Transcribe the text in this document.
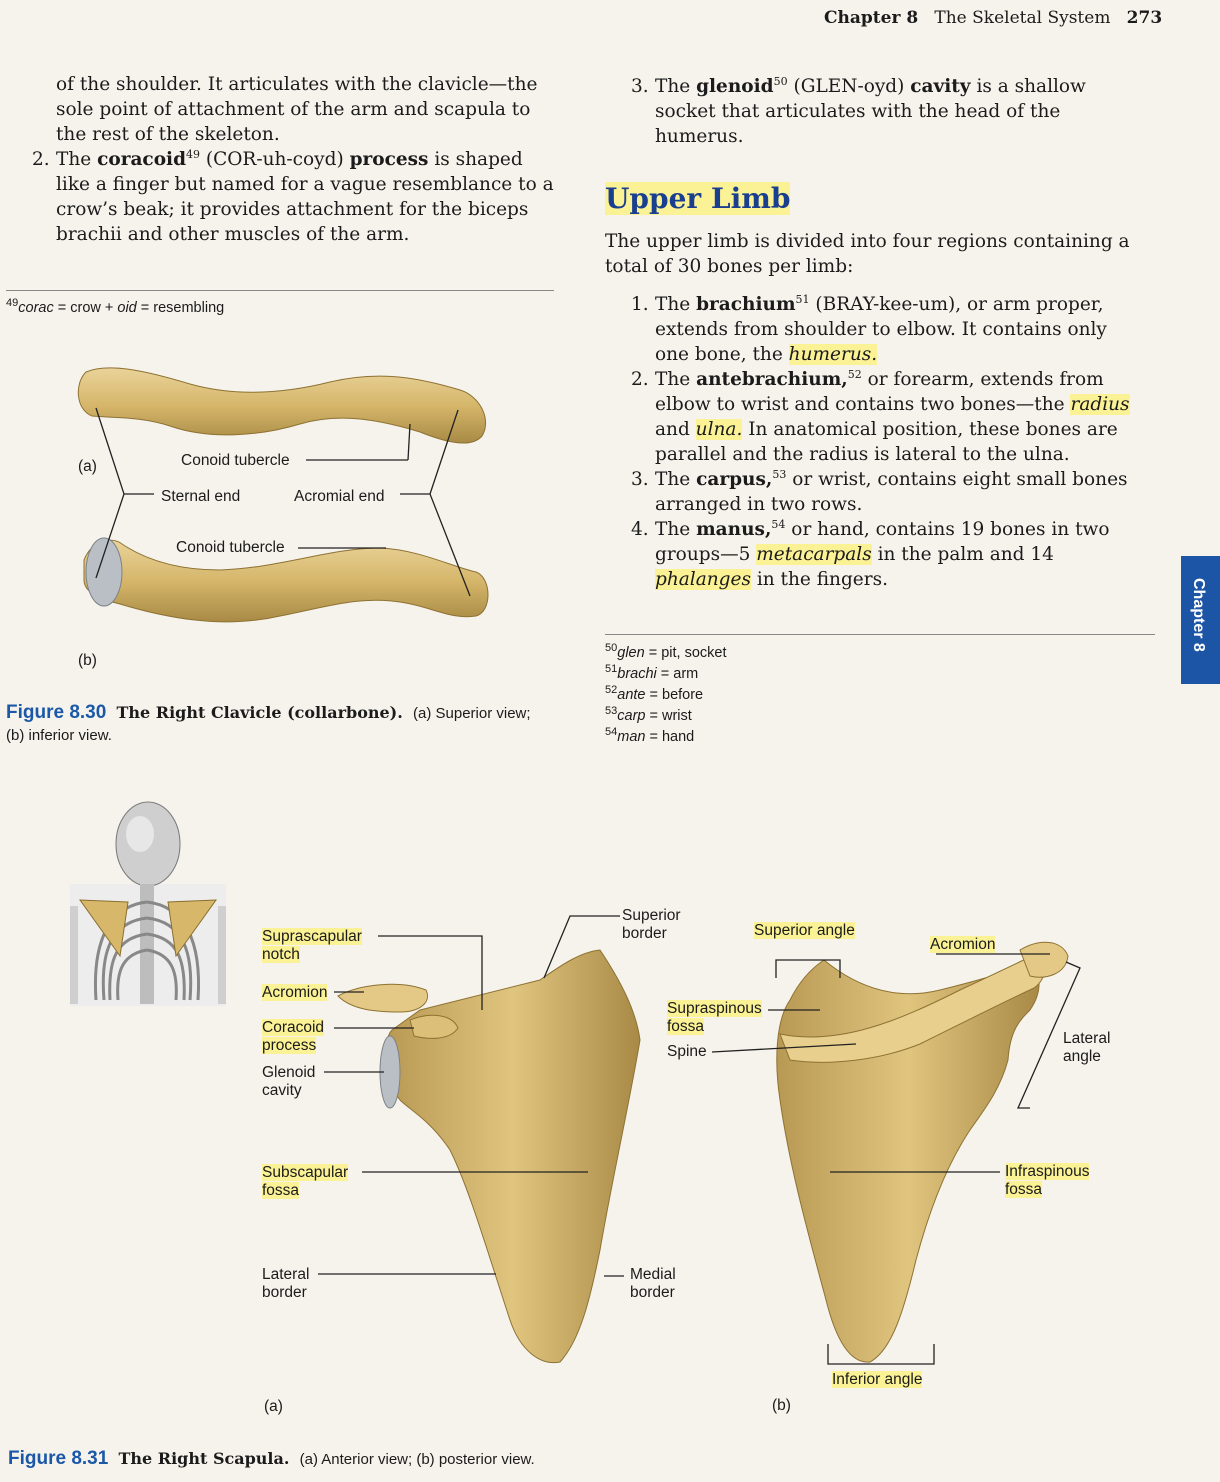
Chapter 8 The Skeletal System 273
of the shoulder. It articulates with the clavicle—the
sole point of attachment of the arm and scapula to
the rest of the skeleton.
2. The coracoid$^{49}$ (COR-uh-coyd) process is shaped
like a finger but named for a vague resemblance to a
crow’s beak; it provides attachment for the biceps
brachii and other muscles of the arm.
$^{49}$corac = crow + oid = resembling
(a)	Conoid tubercle
Sternal end	Acromial end
Conoid tubercle
(b)
Figure 8.30 The Right Clavicle (collarbone). (a) Superior view;
(b) inferior view.
3. The glenoid$^{50}$ (GLEN-oyd) cavity is a shallow
socket that articulates with the head of the
humerus.
Upper Limb
The upper limb is divided into four regions containing a
total of 30 bones per limb:
1. The brachium$^{51}$ (BRAY-kee-um), or arm proper,
extends from shoulder to elbow. It contains only
one bone, the humerus.
2. The antebrachium,$^{52}$ or forearm, extends from
elbow to wrist and contains two bones—the radius
and ulna. In anatomical position, these bones are
parallel and the radius is lateral to the ulna.
3. The carpus,$^{53}$ or wrist, contains eight small bones
arranged in two rows.
4. The manus,$^{54}$ or hand, contains 19 bones in two
groups—5 metacarpals in the palm and 14
phalanges in the fingers.
$^{50}$glen = pit, socket
$^{51}$brachi = arm
$^{52}$ante = before
$^{53}$carp = wrist
$^{54}$man = hand
Chapter 8
Suprascapular
notch
Acromion
Coracoid
process
Glenoid
cavity
Subscapular
fossa
Lateral
border
Superior
border
Medial
border
(a)
Superior angle
Acromion
Supraspinous
fossa
Spine
Lateral
angle
Infraspinous
fossa
Inferior angle
(b)
Figure 8.31 The Right Scapula. (a) Anterior view; (b) posterior view.
